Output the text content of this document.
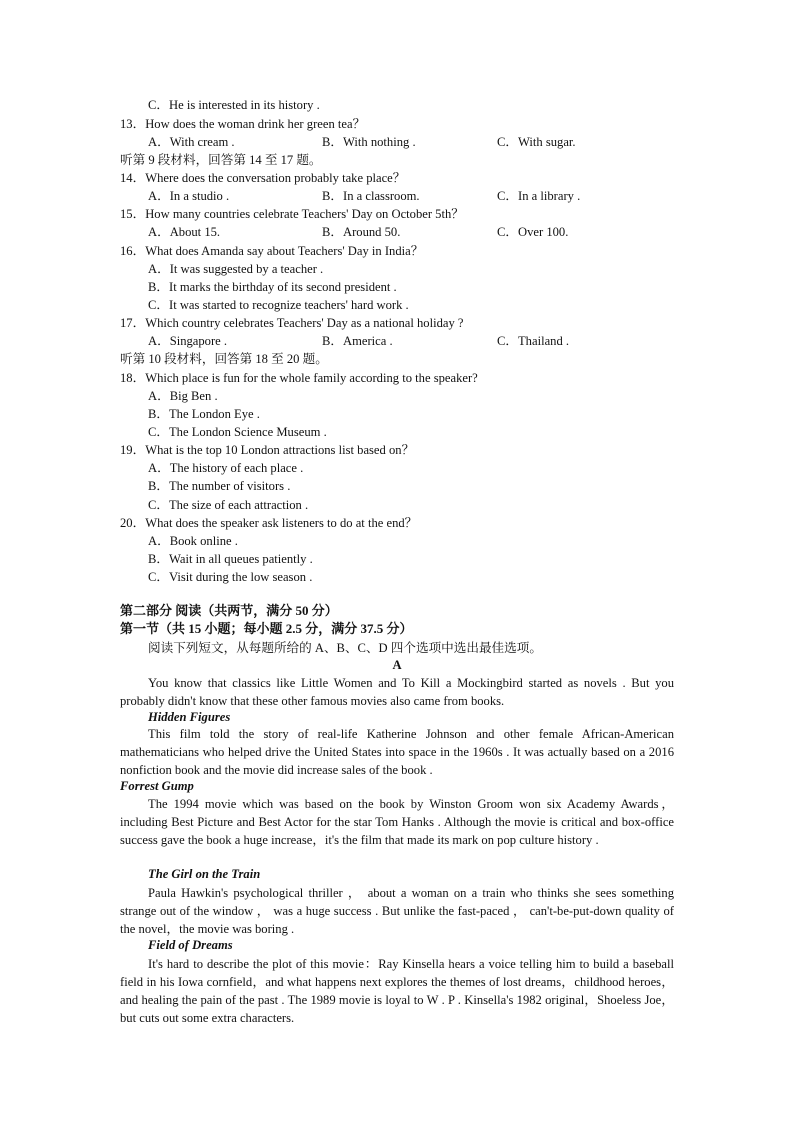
C．He is interested in its history .
13．How does the woman drink her green tea？
A．With cream .	B．With nothing .	C．With sugar.
听第 9 段材料，回答第 14 至 17 题。
14．Where does the conversation probably take place？
A．In a studio .	B．In a classroom.	C．In a library .
15．How many countries celebrate Teachers' Day on October 5th？
A．About 15.	B．Around 50.	C．Over 100.
16．What does Amanda say about Teachers' Day in India？
A．It was suggested by a teacher .
B．It marks the birthday of its second president .
C．It was started to recognize teachers' hard work .
17．Which country celebrates Teachers' Day as a national holiday ?
A．Singapore .	B．America .	C．Thailand .
听第 10 段材料，回答第 18 至 20 题。
18．Which place is fun for the whole family according to the speaker?
A．Big Ben .
B．The London Eye .
C．The London Science Museum .
19．What is the top 10 London attractions list based on？
A．The history of each place .
B．The number of visitors .
C．The size of each attraction .
20．What does the speaker ask listeners to do at the end？
A．Book online .
B．Wait in all queues patiently .
C．Visit during the low season .
第二部分 阅读（共两节，满分 50 分）
第一节（共 15 小题；每小题 2.5 分，满分 37.5 分）
阅读下列短文，从每题所给的 A、B、C、D 四个选项中选出最佳选项。
A
You know that classics like Little Women and To Kill a Mockingbird started as novels . But you probably didn't know that these other famous movies also came from books.
Hidden Figures
This film told the story of real-life Katherine Johnson and other female African-American mathematicians who helped drive the United States into space in the 1960s . It was actually based on a 2016 nonfiction book and the movie did increase sales of the book .
Forrest Gump
The 1994 movie which was based on the book by Winston Groom won six Academy Awards，including Best Picture and Best Actor for the star Tom Hanks . Although the movie is critical and box-office success gave the book a huge increase，it's the film that made its mark on pop culture history .
The Girl on the Train
Paula Hawkin's psychological thriller ， about a woman on a train who thinks she sees something strange out of the window ， was a huge success . But unlike the fast-paced ， can't-be-put-down quality of the novel，the movie was boring .
Field of Dreams
It's hard to describe the plot of this movie：Ray Kinsella hears a voice telling him to build a baseball field in his Iowa cornfield，and what happens next explores the themes of lost dreams，childhood heroes，and healing the pain of the past . The 1989 movie is loyal to W . P . Kinsella's 1982 original，Shoeless Joe，but cuts out some extra characters.
